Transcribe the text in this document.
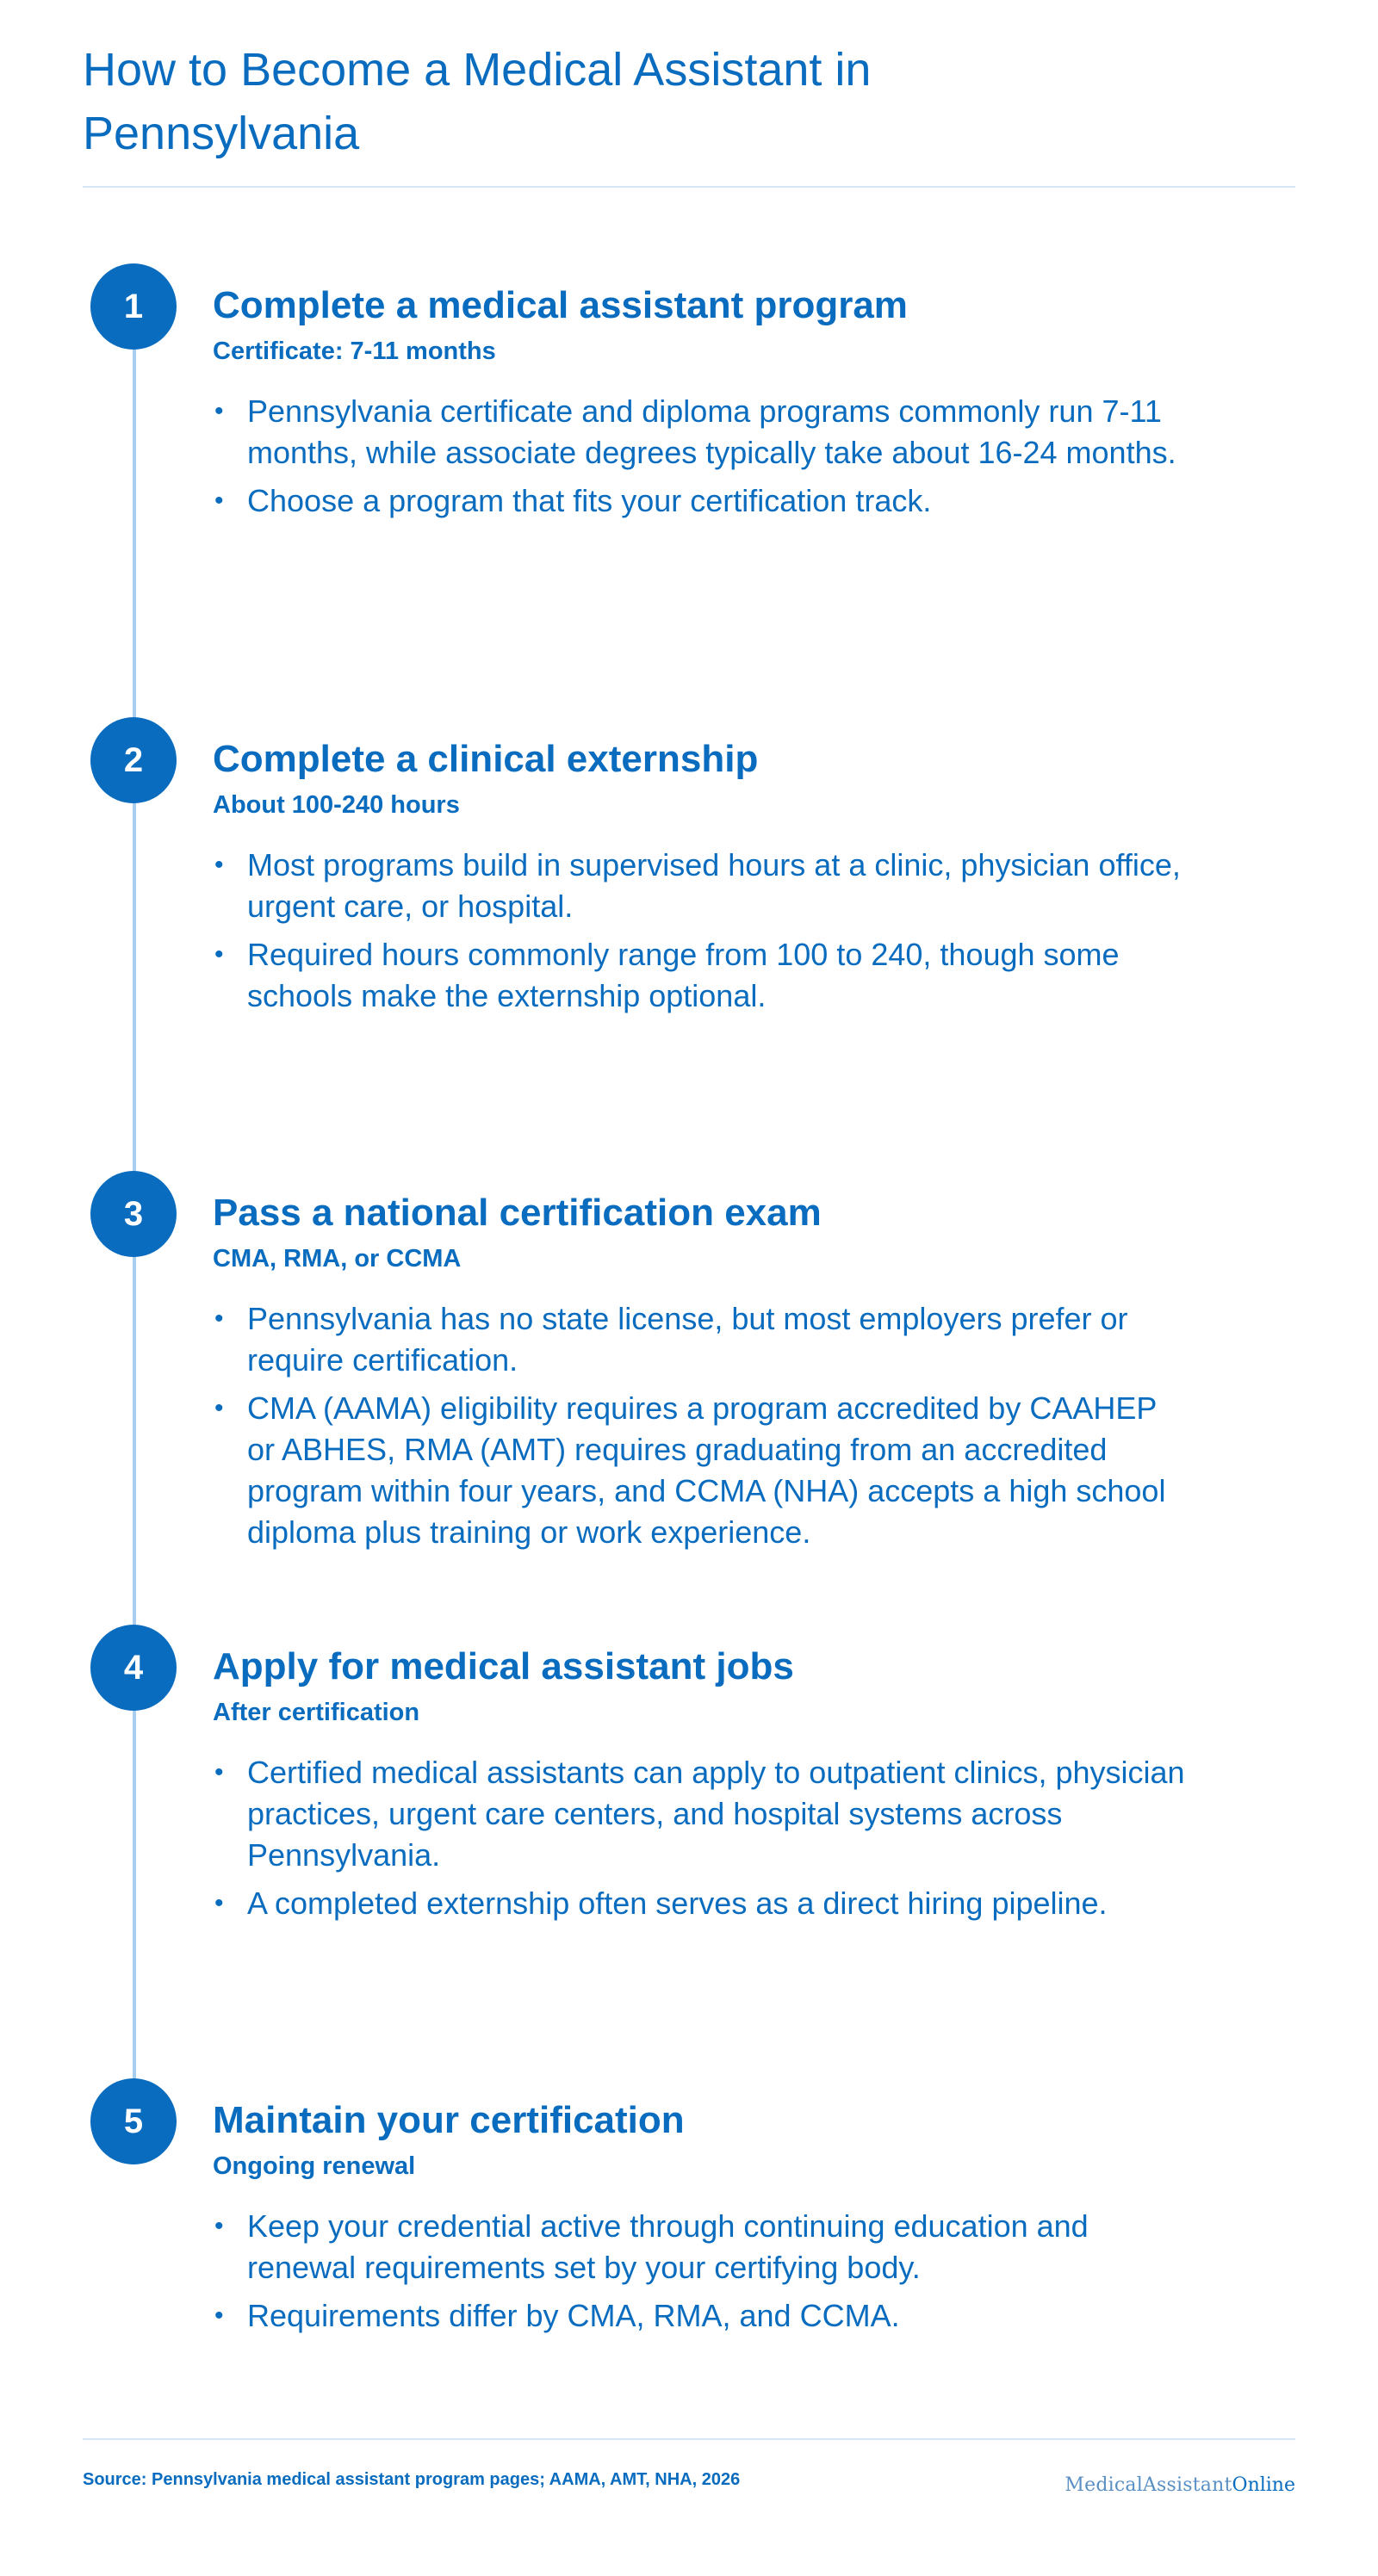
How to Become a Medical Assistant in Pennsylvania
1	Complete a medical assistant program
Certificate: 7-11 months
• Pennsylvania certificate and diploma programs commonly run 7-11 months, while associate degrees typically take about 16-24 months.
• Choose a program that fits your certification track.
2	Complete a clinical externship
About 100-240 hours
• Most programs build in supervised hours at a clinic, physician office, urgent care, or hospital.
• Required hours commonly range from 100 to 240, though some schools make the externship optional.
3	Pass a national certification exam
CMA, RMA, or CCMA
• Pennsylvania has no state license, but most employers prefer or require certification.
• CMA (AAMA) eligibility requires a program accredited by CAAHEP or ABHES, RMA (AMT) requires graduating from an accredited program within four years, and CCMA (NHA) accepts a high school diploma plus training or work experience.
4	Apply for medical assistant jobs
After certification
• Certified medical assistants can apply to outpatient clinics, physician practices, urgent care centers, and hospital systems across Pennsylvania.
• A completed externship often serves as a direct hiring pipeline.
5	Maintain your certification
Ongoing renewal
• Keep your credential active through continuing education and renewal requirements set by your certifying body.
• Requirements differ by CMA, RMA, and CCMA.
Source: Pennsylvania medical assistant program pages; AAMA, AMT, NHA, 2026	MedicalAssistant Online
